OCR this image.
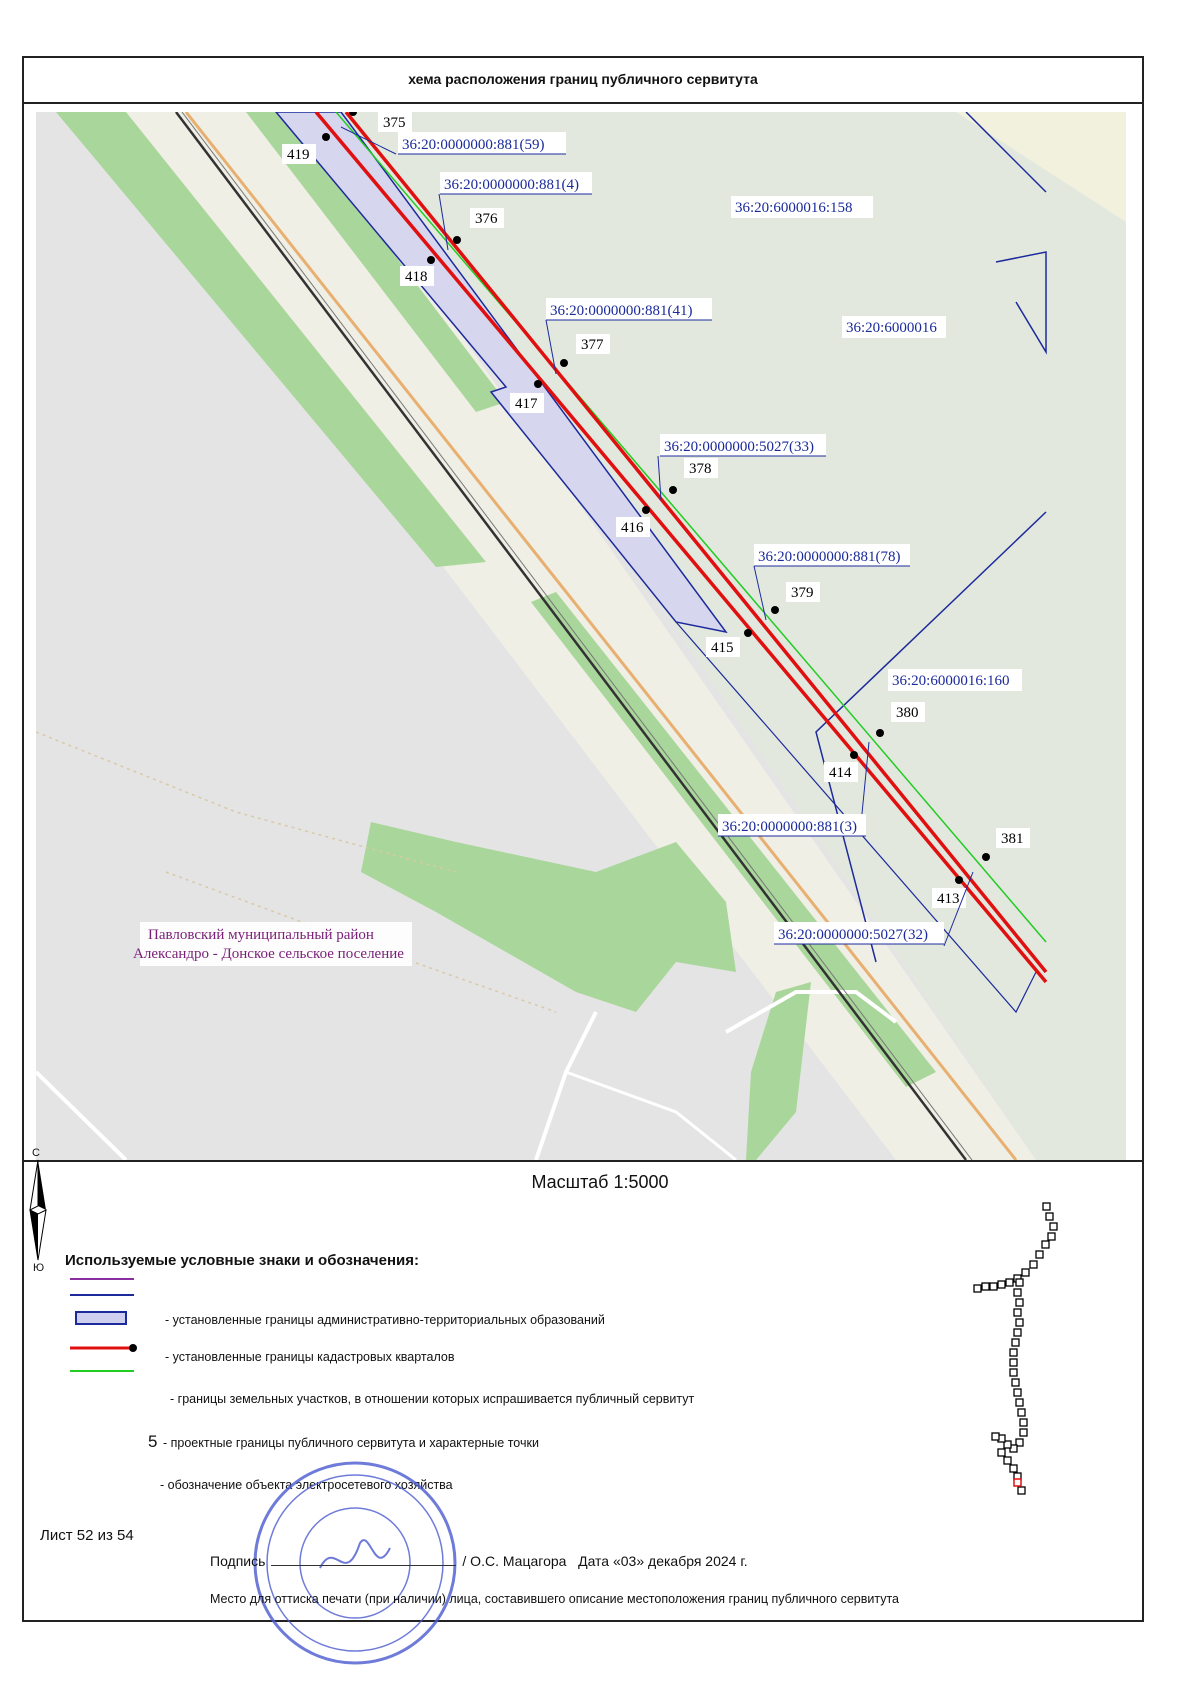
хема расположения границ публичного сервитута
375
376
377
378
379
380
381
419
418
417
416
415
414
413
36:20:0000000:881(59)
36:20:0000000:881(4)
36:20:6000016:158
36:20:0000000:881(41)
36:20:6000016
36:20:0000000:5027(33)
36:20:0000000:881(78)
36:20:6000016:160
36:20:0000000:881(3)
36:20:0000000:5027(32)
Павловский муниципальный район
Александро - Донское сельское поселение
С
Ю
Масштаб 1:5000
Используемые условные знаки и обозначения:
- установленные границы административно-территориальных образований
- установленные границы кадастровых кварталов
- границы земельных участков, в отношении которых испрашивается публичный сервитут
5 - проектные границы публичного сервитута и характерные точки
- обозначение объекта электросетевого хозяйства
Лист 52 из 54
Подпись	/ О.С. Мацагора Дата «03» декабря 2024 г.
Место для оттиска печати (при наличии) лица, составившего описание местоположения границ публичного сервитута
